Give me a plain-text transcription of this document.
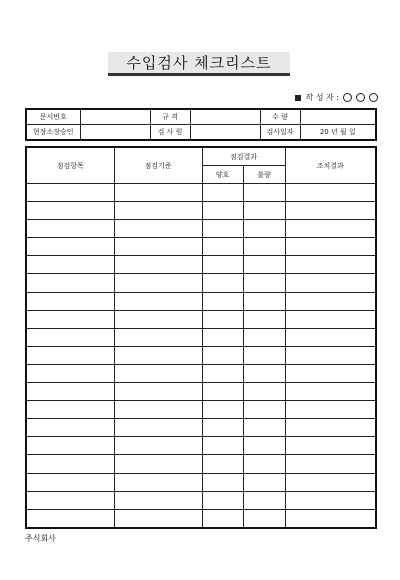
수입검사 체크리스트
작 성 자 :
문서번호		규 격		수 량	
현장소장승인		검 사 원		검사일자	20 년 월 일
점검항목	점검기준	점검결과		조치결과
		양호	불량	

주식회사
